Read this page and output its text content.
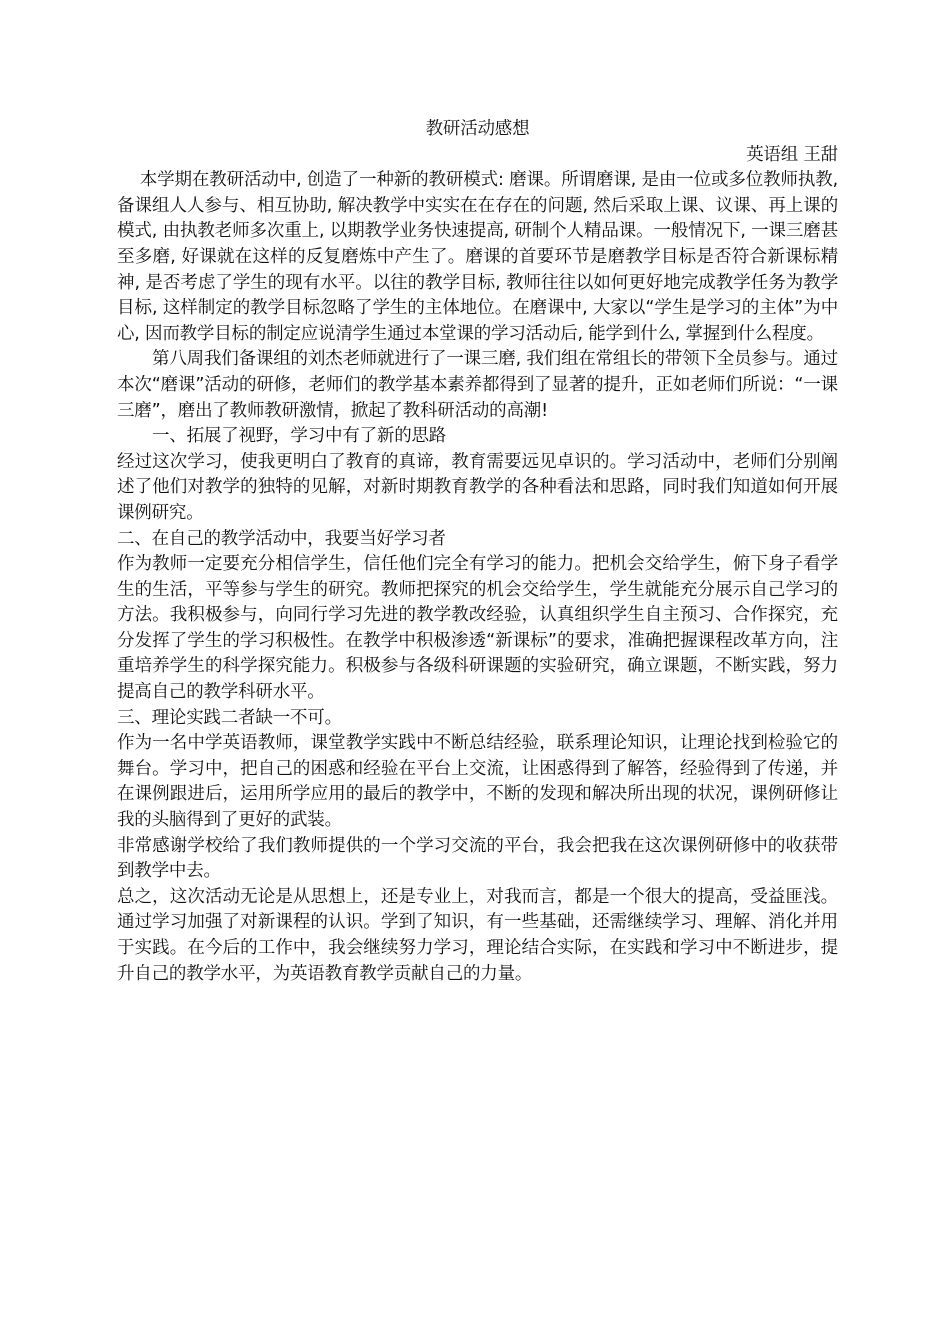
教研活动感想

英语组 王甜

本学期在教研活动中, 创造了一种新的教研模式: 磨课。所谓磨课, 是由一位或多位教师执教, 备课组人人参与、相互协助, 解决教学中实实在在存在的问题, 然后采取上课、议课、再上课的模式, 由执教老师多次重上, 以期教学业务快速提高, 研制个人精品课。一般情况下, 一课三磨甚至多磨, 好课就在这样的反复磨炼中产生了。磨课的首要环节是磨教学目标是否符合新课标精神, 是否考虑了学生的现有水平。以往的教学目标, 教师往往以如何更好地完成教学任务为教学目标, 这样制定的教学目标忽略了学生的主体地位。在磨课中, 大家以“学生是学习的主体”为中心, 因而教学目标的制定应说清学生通过本堂课的学习活动后, 能学到什么, 掌握到什么程度。

第八周我们备课组的刘杰老师就进行了一课三磨, 我们组在常组长的带领下全员参与。通过本次“磨课”活动的研修，老师们的教学基本素养都得到了显著的提升，正如老师们所说：“一课三磨”，磨出了教师教研激情，掀起了教科研活动的高潮!

一、拓展了视野，学习中有了新的思路

经过这次学习，使我更明白了教育的真谛，教育需要远见卓识的。学习活动中，老师们分别阐述了他们对教学的独特的见解，对新时期教育教学的各种看法和思路，同时我们知道如何开展课例研究。

二、在自己的教学活动中，我要当好学习者

作为教师一定要充分相信学生，信任他们完全有学习的能力。把机会交给学生，俯下身子看学生的生活，平等参与学生的研究。教师把探究的机会交给学生，学生就能充分展示自己学习的方法。我积极参与，向同行学习先进的教学教改经验，认真组织学生自主预习、合作探究，充分发挥了学生的学习积极性。在教学中积极渗透“新课标”的要求，准确把握课程改革方向，注重培养学生的科学探究能力。积极参与各级科研课题的实验研究，确立课题，不断实践，努力提高自己的教学科研水平。

三、理论实践二者缺一不可。

作为一名中学英语教师，课堂教学实践中不断总结经验，联系理论知识，让理论找到检验它的舞台。学习中，把自己的困惑和经验在平台上交流，让困惑得到了解答，经验得到了传递，并在课例跟进后，运用所学应用的最后的教学中，不断的发现和解决所出现的状况，课例研修让我的头脑得到了更好的武装。

非常感谢学校给了我们教师提供的一个学习交流的平台，我会把我在这次课例研修中的收获带到教学中去。

总之，这次活动无论是从思想上，还是专业上，对我而言，都是一个很大的提高，受益匪浅。通过学习加强了对新课程的认识。学到了知识，有一些基础，还需继续学习、理解、消化并用于实践。在今后的工作中，我会继续努力学习，理论结合实际，在实践和学习中不断进步，提升自己的教学水平，为英语教育教学贡献自己的力量。
